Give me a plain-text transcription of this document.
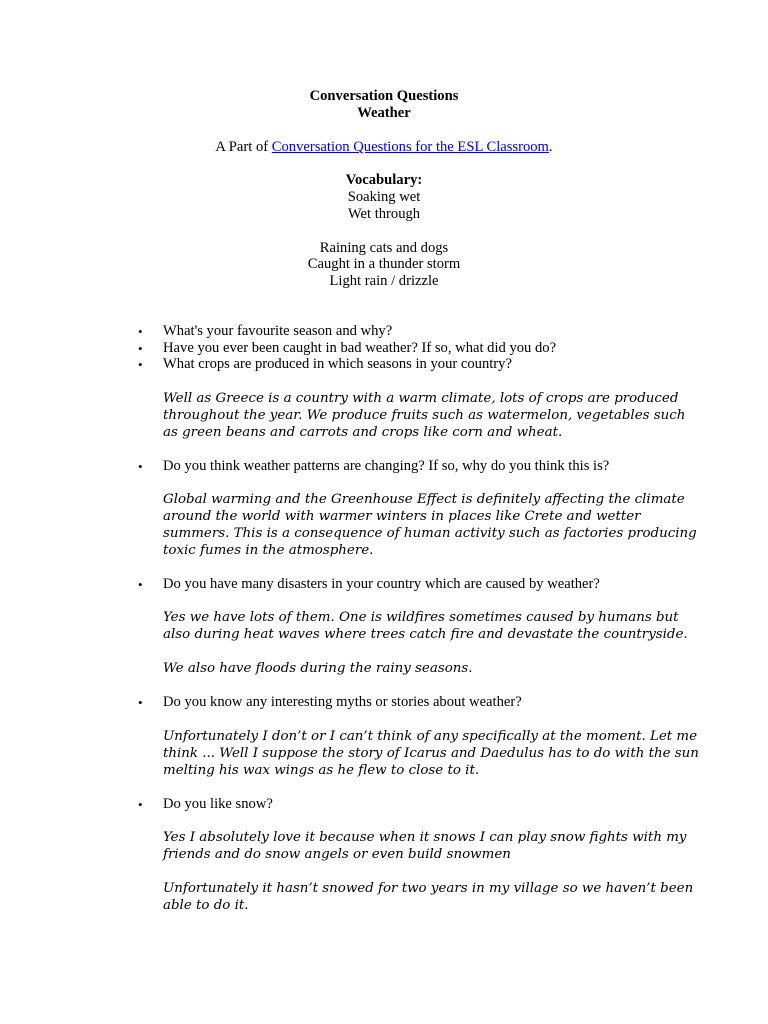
Conversation Questions
Weather
A Part of Conversation Questions for the ESL Classroom.
Vocabulary:
Soaking wet
Wet through
Raining cats and dogs
Caught in a thunder storm
Light rain / drizzle
•	What's your favourite season and why?
•	Have you ever been caught in bad weather? If so, what did you do?
•	What crops are produced in which seasons in your country?
Well as Greece is a country with a warm climate, lots of crops are produced
throughout the year. We produce fruits such as watermelon, vegetables such
as green beans and carrots and crops like corn and wheat.
•	Do you think weather patterns are changing? If so, why do you think this is?
Global warming and the Greenhouse Effect is definitely affecting the climate
around the world with warmer winters in places like Crete and wetter
summers. This is a consequence of human activity such as factories producing
toxic fumes in the atmosphere.
•	Do you have many disasters in your country which are caused by weather?
Yes we have lots of them. One is wildfires sometimes caused by humans but
also during heat waves where trees catch fire and devastate the countryside.
We also have floods during the rainy seasons.
•	Do you know any interesting myths or stories about weather?
Unfortunately I don’t or I can’t think of any specifically at the moment. Let me
think ... Well I suppose the story of Icarus and Daedulus has to do with the sun
melting his wax wings as he flew to close to it.
•	Do you like snow?
Yes I absolutely love it because when it snows I can play snow fights with my
friends and do snow angels or even build snowmen
Unfortunately it hasn’t snowed for two years in my village so we haven’t been
able to do it.
